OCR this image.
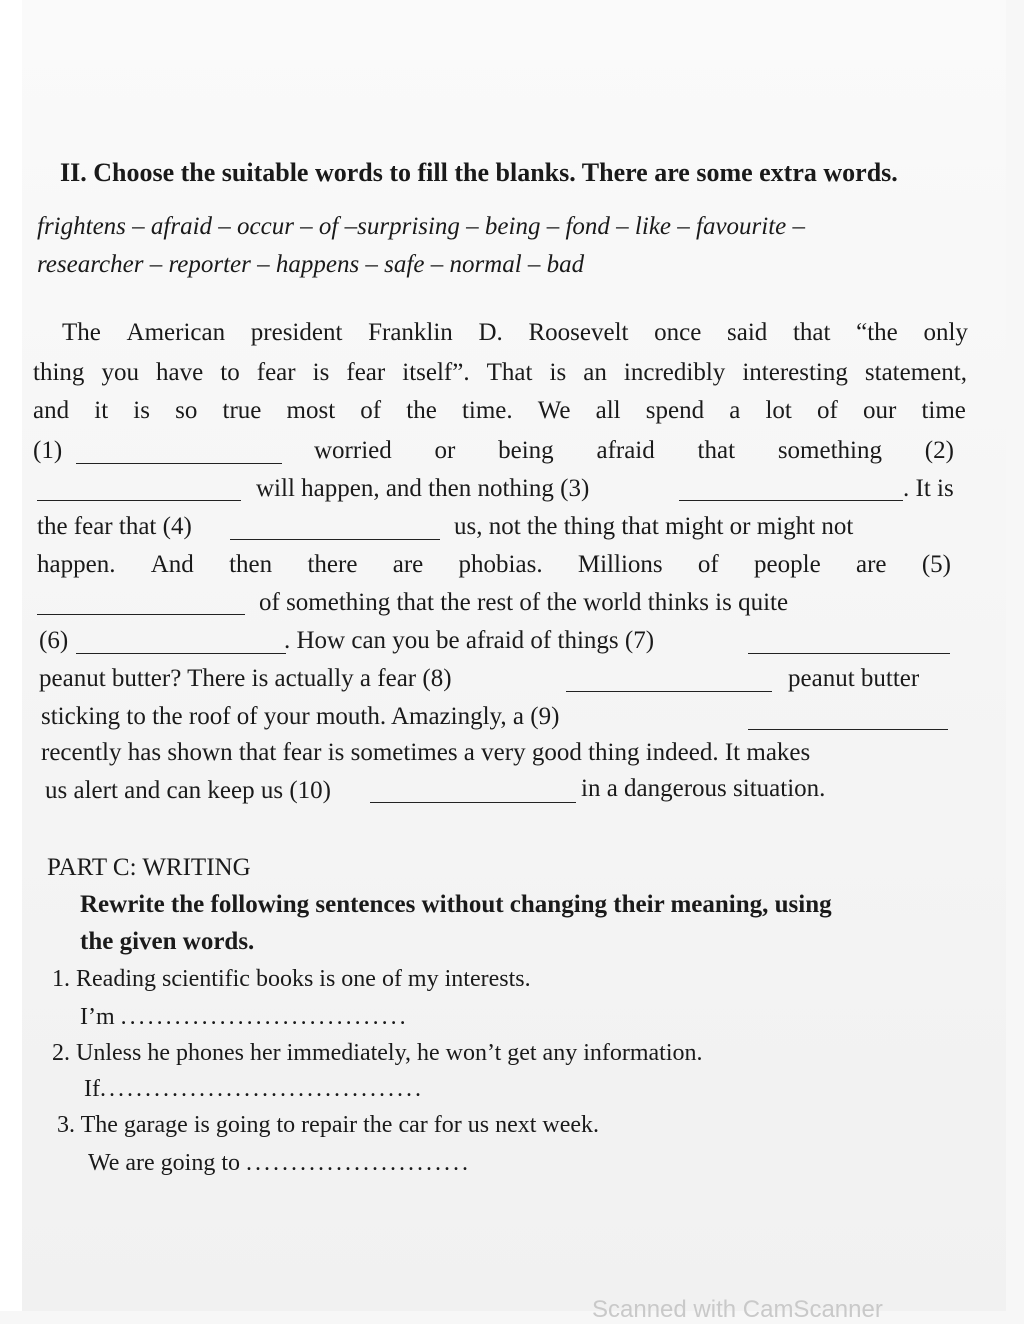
II. Choose the suitable words to fill the blanks. There are some extra words.
frightens – afraid – occur – of –surprising – being – fond – like – favourite –
researcher – reporter – happens – safe – normal – bad
The American president Franklin D. Roosevelt once said that “the only
thing you have to fear is fear itself”. That is an incredibly interesting statement,
and it is so true most of the time. We all spend a lot of our time
(1)	worried or being afraid that something (2)
will happen, and then nothing (3)	. It is
the fear that (4)	us, not the thing that might or might not
happen. And then there are phobias. Millions of people are (5)
of something that the rest of the world thinks is quite
(6)	. How can you be afraid of things (7)
peanut butter? There is actually a fear (8)	peanut butter
sticking to the roof of your mouth. Amazingly, a (9)
recently has shown that fear is sometimes a very good thing indeed. It makes
us alert and can keep us (10)	in a dangerous situation.
PART C: WRITING
Rewrite the following sentences without changing their meaning, using
the given words.
1. Reading scientific books is one of my interests.
I’m ................................
2. Unless he phones her immediately, he won’t get any information.
If....................................
3. The garage is going to repair the car for us next week.
We are going to .........................
Scanned with CamScanner
